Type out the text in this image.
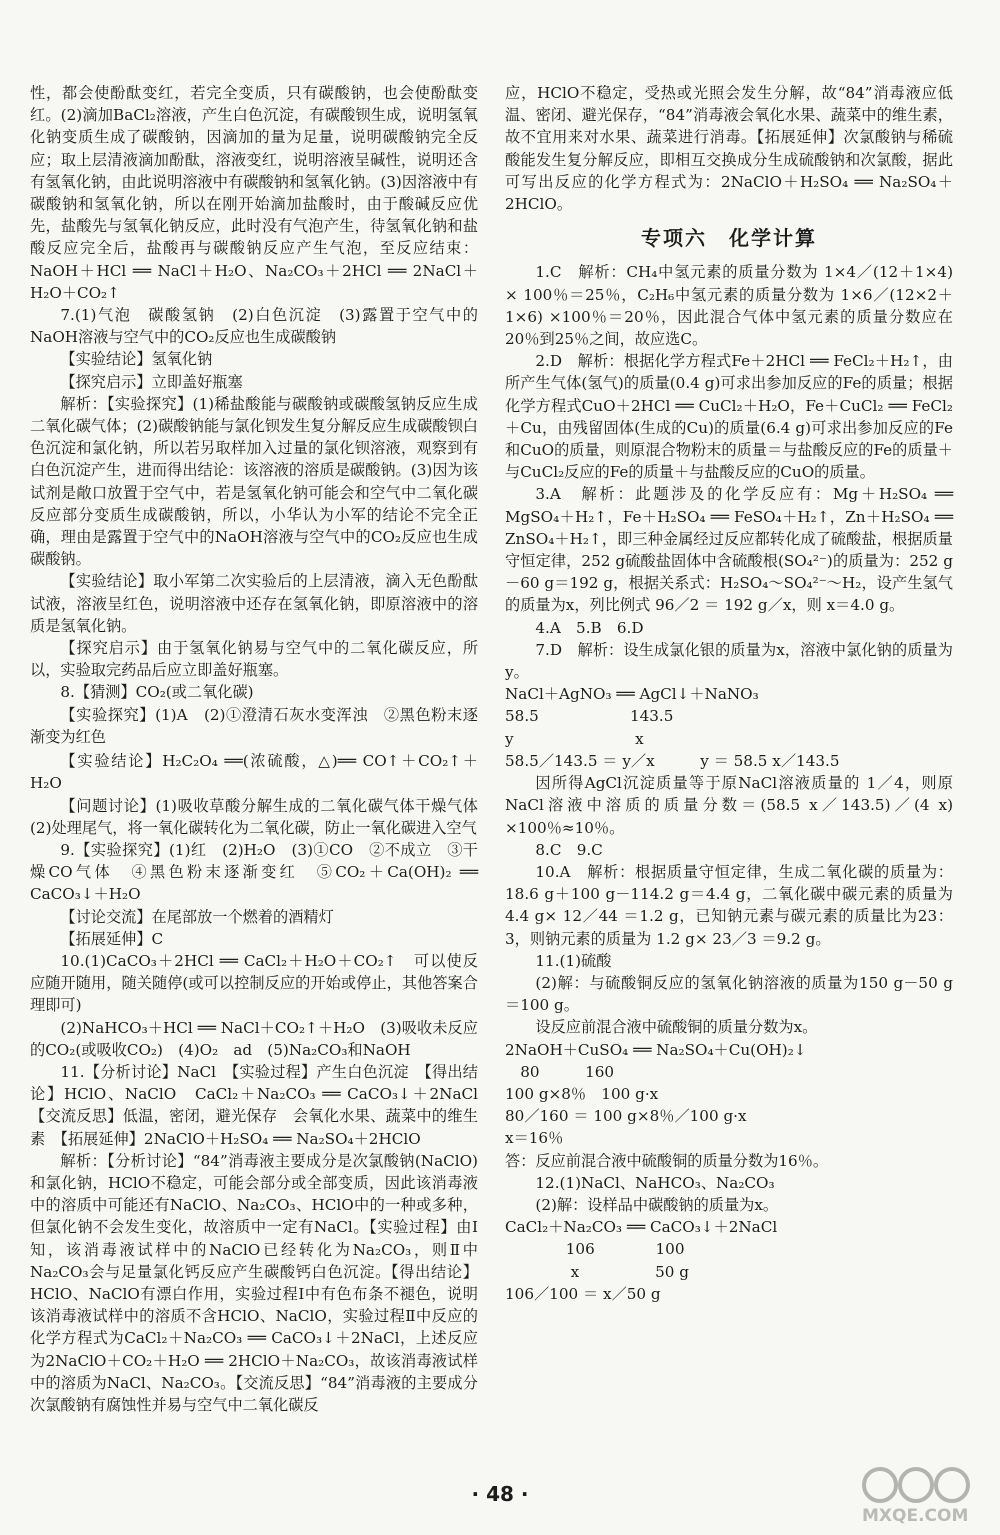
性，都会使酚酞变红，若完全变质，只有碳酸钠，也会使酚酞变红。(2)滴加BaCl₂溶液，产生白色沉淀，有碳酸钡生成，说明氢氧化钠变质生成了碳酸钠，因滴加的量为足量，说明碳酸钠完全反应；取上层清液滴加酚酞，溶液变红，说明溶液呈碱性，说明还含有氢氧化钠，由此说明溶液中有碳酸钠和氢氧化钠。(3)因溶液中有碳酸钠和氢氧化钠，所以在刚开始滴加盐酸时，由于酸碱反应优先，盐酸先与氢氧化钠反应，此时没有气泡产生，待氢氧化钠和盐酸反应完全后，盐酸再与碳酸钠反应产生气泡，至反应结束：NaOH＋HCl ══ NaCl＋H₂O、Na₂CO₃＋2HCl ══ 2NaCl＋H₂O＋CO₂↑

7.(1)气泡　碳酸氢钠　(2)白色沉淀　(3)露置于空气中的NaOH溶液与空气中的CO₂反应也生成碳酸钠

【实验结论】氢氧化钠

【探究启示】立即盖好瓶塞

解析：【实验探究】(1)稀盐酸能与碳酸钠或碳酸氢钠反应生成二氧化碳气体；(2)碳酸钠能与氯化钡发生复分解反应生成碳酸钡白色沉淀和氯化钠，所以若另取样加入过量的氯化钡溶液，观察到有白色沉淀产生，进而得出结论：该溶液的溶质是碳酸钠。(3)因为该试剂是敞口放置于空气中，若是氢氧化钠可能会和空气中二氧化碳反应部分变质生成碳酸钠，所以，小华认为小军的结论不完全正确，理由是露置于空气中的NaOH溶液与空气中的CO₂反应也生成碳酸钠。

【实验结论】取小军第二次实验后的上层清液，滴入无色酚酞试液，溶液呈红色，说明溶液中还存在氢氧化钠，即原溶液中的溶质是氢氧化钠。

【探究启示】由于氢氧化钠易与空气中的二氧化碳反应，所以，实验取完药品后应立即盖好瓶塞。

8.【猜测】CO₂(或二氧化碳)

【实验探究】(1)A　(2)①澄清石灰水变浑浊　②黑色粉末逐渐变为红色

【实验结论】H₂C₂O₄ ══(浓硫酸，△)══ CO↑＋CO₂↑＋H₂O

【问题讨论】(1)吸收草酸分解生成的二氧化碳气体干燥气体　(2)处理尾气，将一氧化碳转化为二氧化碳，防止一氧化碳进入空气

9.【实验探究】(1)红　(2)H₂O　(3)①CO　②不成立　③干燥CO气体　④黑色粉末逐渐变红　⑤CO₂＋Ca(OH)₂ ══ CaCO₃↓＋H₂O

【讨论交流】在尾部放一个燃着的酒精灯

【拓展延伸】C

10.(1)CaCO₃＋2HCl ══ CaCl₂＋H₂O＋CO₂↑　可以使反应随开随用，随关随停(或可以控制反应的开始或停止，其他答案合理即可)

(2)NaHCO₃＋HCl ══ NaCl＋CO₂↑＋H₂O　(3)吸收未反应的CO₂(或吸收CO₂)　(4)O₂　ad　(5)Na₂CO₃和NaOH

11.【分析讨论】NaCl　【实验过程】产生白色沉淀　【得出结论】HClO、NaClO　CaCl₂＋Na₂CO₃ ══ CaCO₃↓＋2NaCl　【交流反思】低温，密闭，避光保存　会氧化水果、蔬菜中的维生素　【拓展延伸】2NaClO＋H₂SO₄ ══ Na₂SO₄＋2HClO

解析：【分析讨论】“84”消毒液主要成分是次氯酸钠(NaClO)和氯化钠，HClO不稳定，可能会部分或全部变质，因此该消毒液中的溶质中可能还有NaClO、Na₂CO₃、HClO中的一种或多种，但氯化钠不会发生变化，故溶质中一定有NaCl。【实验过程】由Ⅰ知，该消毒液试样中的NaClO已经转化为Na₂CO₃，则Ⅱ中Na₂CO₃会与足量氯化钙反应产生碳酸钙白色沉淀。【得出结论】HClO、NaClO有漂白作用，实验过程Ⅰ中有色布条不褪色，说明该消毒液试样中的溶质不含HClO、NaClO，实验过程Ⅱ中反应的化学方程式为CaCl₂＋Na₂CO₃ ══ CaCO₃↓＋2NaCl，上述反应为2NaClO＋CO₂＋H₂O ══ 2HClO＋Na₂CO₃，故该消毒液试样中的溶质为NaCl、Na₂CO₃。【交流反思】“84”消毒液的主要成分次氯酸钠有腐蚀性并易与空气中二氧化碳反

应，HClO不稳定，受热或光照会发生分解，故“84”消毒液应低温、密闭、避光保存，“84”消毒液会氧化水果、蔬菜中的维生素，故不宜用来对水果、蔬菜进行消毒。【拓展延伸】次氯酸钠与稀硫酸能发生复分解反应，即相互交换成分生成硫酸钠和次氯酸，据此可写出反应的化学方程式为：2NaClO＋H₂SO₄ ══ Na₂SO₄＋2HClO。

专项六　化学计算

1.C　解析：CH₄中氢元素的质量分数为 1×4／(12＋1×4) × 100％＝25％，C₂H₆中氢元素的质量分数为 1×6／(12×2＋1×6) ×100％＝20％，因此混合气体中氢元素的质量分数应在20％到25％之间，故应选C。

2.D　解析：根据化学方程式Fe＋2HCl ══ FeCl₂＋H₂↑，由所产生气体(氢气)的质量(0.4 g)可求出参加反应的Fe的质量；根据化学方程式CuO＋2HCl ══ CuCl₂＋H₂O，Fe＋CuCl₂ ══ FeCl₂＋Cu，由残留固体(生成的Cu)的质量(6.4 g)可求出参加反应的Fe和CuO的质量，则原混合物粉末的质量＝与盐酸反应的Fe的质量＋与CuCl₂反应的Fe的质量＋与盐酸反应的CuO的质量。

3.A　解析：此题涉及的化学反应有：Mg＋H₂SO₄ ══ MgSO₄＋H₂↑，Fe＋H₂SO₄ ══ FeSO₄＋H₂↑，Zn＋H₂SO₄ ══ ZnSO₄＋H₂↑，即三种金属经过反应都转化成了硫酸盐，根据质量守恒定律，252 g硫酸盐固体中含硫酸根(SO₄²⁻)的质量为：252 g－60 g＝192 g，根据关系式：H₂SO₄～SO₄²⁻～H₂，设产生氢气的质量为x，列比例式 96／2 ＝ 192 g／x，则 x＝4.0 g。

4.A　5.B　6.D

7.D　解析：设生成氯化银的质量为x，溶液中氯化钠的质量为y。

NaCl＋AgNO₃ ══ AgCl↓＋NaNO₃

58.5　　　　　　143.5

y　　　　　　　　x

58.5／143.5 ＝ y／x　　　y ＝ 58.5 x／143.5

因所得AgCl沉淀质量等于原NaCl溶液质量的 1／4，则原NaCl溶液中溶质的质量分数＝(58.5 x／143.5)／(4 x) ×100％≈10％。

8.C　9.C

10.A　解析：根据质量守恒定律，生成二氧化碳的质量为：18.6 g＋100 g－114.2 g＝4.4 g，二氧化碳中碳元素的质量为 4.4 g× 12／44 ＝1.2 g，已知钠元素与碳元素的质量比为23：3，则钠元素的质量为 1.2 g× 23／3 ＝9.2 g。

11.(1)硫酸

(2)解：与硫酸铜反应的氢氧化钠溶液的质量为150 g－50 g＝100 g。

设反应前混合液中硫酸铜的质量分数为x。

2NaOH＋CuSO₄ ══ Na₂SO₄＋Cu(OH)₂↓

　80　　　160

100 g×8％　100 g·x

80／160 ＝ 100 g×8％／100 g·x

x＝16％

答：反应前混合液中硫酸铜的质量分数为16％。

12.(1)NaCl、NaHCO₃、Na₂CO₃

(2)解：设样品中碳酸钠的质量为x。

CaCl₂＋Na₂CO₃ ══ CaCO₃↓＋2NaCl

　　　　106　　　　100

　　　　 x　　　　　50 g

106／100 ＝ x／50 g

· 48 ·
MXQE.COM
